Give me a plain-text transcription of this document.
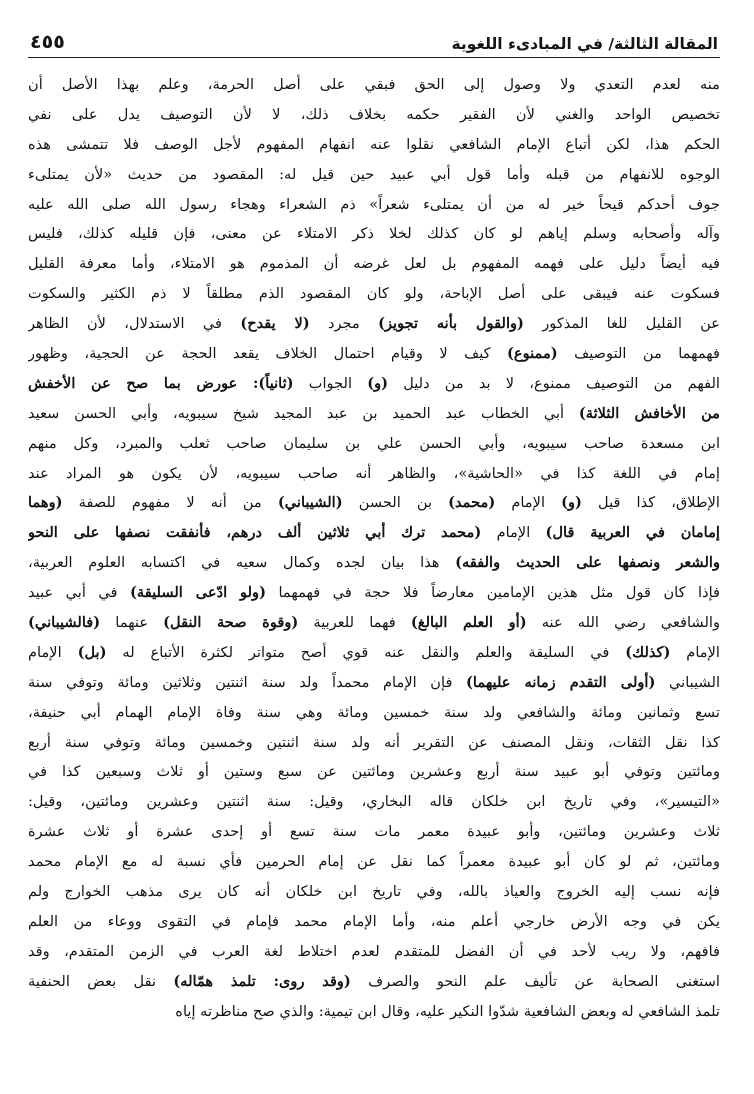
المقالة الثالثة/ في المبادىء اللغوية
٤٥٥
منه لعدم التعدي ولا وصول إلى الحق فبقي على أصل الحرمة، وعلم بهذا الأصل أن
تخصيص الواحد والغني لأن الفقير حكمه بخلاف ذلك، لا لأن التوصيف يدل على نفي
الحكم هذا، لكن أتباع الإمام الشافعي نقلوا عنه انفهام المفهوم لأجل الوصف فلا تتمشى هذه
الوجوه للانفهام من قبله وأما قول أبي عبيد حين قيل له: المقصود من حديث «لأن يمتلىء
جوف أحدكم قيحاً خير له من أن يمتلىء شعراً» ذم الشعراء وهجاء رسول الله صلى الله عليه
وآله وأصحابه وسلم إياهم لو كان كذلك لخلا ذكر الامتلاء عن معنى، فإن قليله كذلك، فليس
فيه أيضاً دليل على فهمه المفهوم بل لعل غرضه أن المذموم هو الامتلاء، وأما معرفة القليل
فسكوت عنه فيبقى على أصل الإباحة، ولو كان المقصود الذم مطلقاً لا ذم الكثير والسكوت
عن القليل للغا المذكور (والقول بأنه تجويز) مجرد (لا يقدح) في الاستدلال، لأن الظاهر
فهمهما من التوصيف (ممنوع) كيف لا وقيام احتمال الخلاف يقعد الحجة عن الحجية، وظهور
الفهم من التوصيف ممنوع، لا بد من دليل (و) الجواب (ثانياً): عورض بما صح عن الأخفش
من الأخافش الثلاثة) أبي الخطاب عبد الحميد بن عبد المجيد شيخ سيبويه، وأبي الحسن سعيد
ابن مسعدة صاحب سيبويه، وأبي الحسن علي بن سليمان صاحب ثعلب والمبرد، وكل منهم
إمام في اللغة كذا في «الحاشية»، والظاهر أنه صاحب سيبويه، لأن يكون هو المراد عند
الإطلاق، كذا قيل (و) الإمام (محمد) بن الحسن (الشيباني) من أنه لا مفهوم للصفة (وهما
إمامان في العربية قال) الإمام (محمد ترك أبي ثلاثين ألف درهم، فأنفقت نصفها على النحو
والشعر ونصفها على الحديث والفقه) هذا بيان لجده وكمال سعيه في اكتسابه العلوم العربية،
فإذا كان قول مثل هذين الإمامين معارضاً فلا حجة في فهمهما (ولو ادّعى السليقة) في أبي عبيد
والشافعي رضي الله عنه (أو العلم البالغ) فهما للعربية (وقوة صحة النقل) عنهما (فالشيباني)
الإمام (كذلك) في السليقة والعلم والنقل عنه قوي أصح متواتر لكثرة الأتباع له (بل) الإمام
الشيباني (أولى التقدم زمانه عليهما) فإن الإمام محمداً ولد سنة اثنتين وثلاثين ومائة وتوفي سنة
تسع وثمانين ومائة والشافعي ولد سنة خمسين ومائة وهي سنة وفاة الإمام الهمام أبي حنيفة،
كذا نقل الثقات، ونقل المصنف عن التقرير أنه ولد سنة اثنتين وخمسين ومائة وتوفي سنة أربع
ومائتين وتوفي أبو عبيد سنة أربع وعشرين ومائتين عن سبع وستين أو ثلاث وسبعين كذا في
«التيسير»، وفي تاريخ ابن خلكان قاله البخاري، وقيل: سنة اثنتين وعشرين ومائتين، وقيل:
ثلاث وعشرين ومائتين، وأبو عبيدة معمر مات سنة تسع أو إحدى عشرة أو ثلاث عشرة
ومائتين، ثم لو كان أبو عبيدة معمراً كما نقل عن إمام الحرمين فأي نسبة له مع الإمام محمد
فإنه نسب إليه الخروج والعياذ بالله، وفي تاريخ ابن خلكان أنه كان يرى مذهب الخوارج ولم
يكن في وجه الأرض خارجي أعلم منه، وأما الإمام محمد فإمام في التقوى ووعاء من العلم
فافهم، ولا ريب لأحد في أن الفضل للمتقدم لعدم اختلاط لغة العرب في الزمن المتقدم، وقد
استغنى الصحابة عن تأليف علم النحو والصرف (وقد روى: تلمذ همّاله) نقل بعض الحنفية
تلمذ الشافعي له وبعض الشافعية شدّوا النكير عليه، وقال ابن تيمية: والذي صح مناظرته إياه
